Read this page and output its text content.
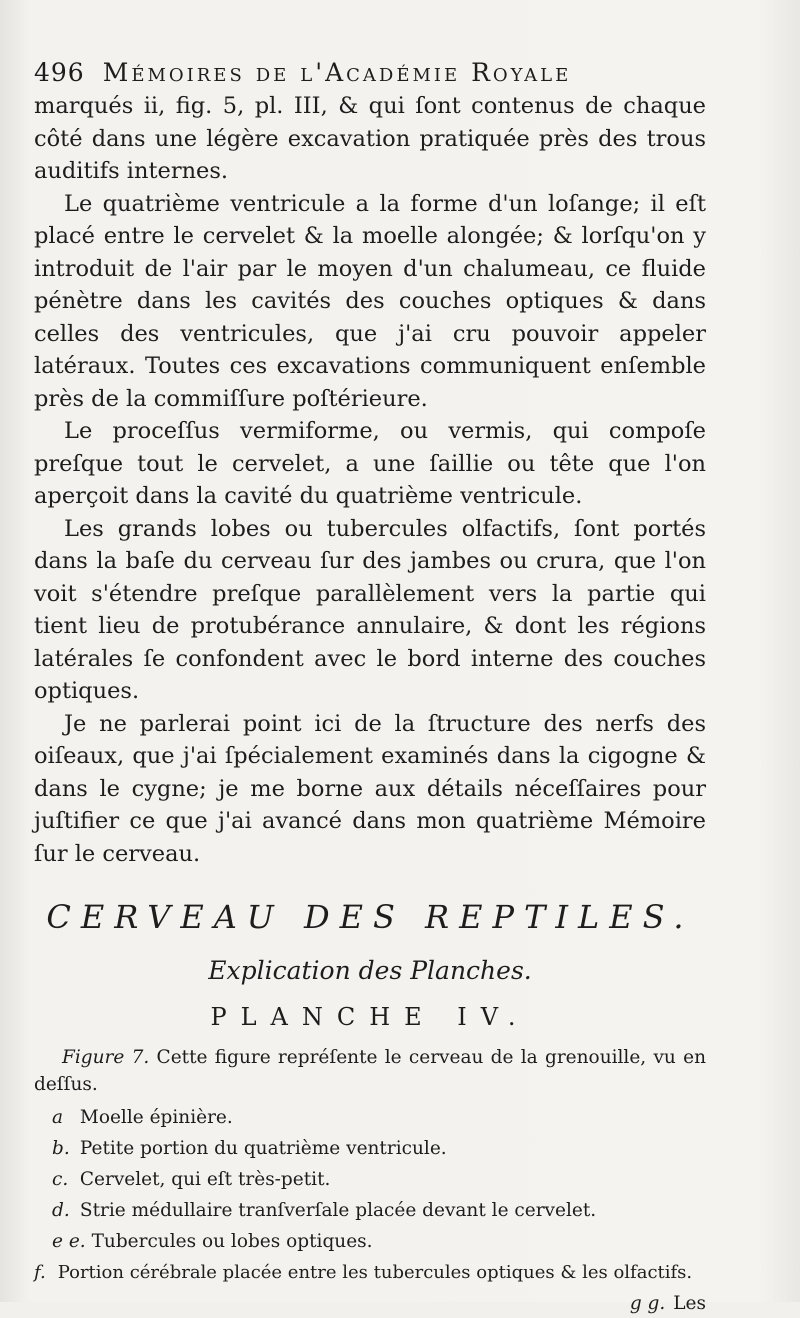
496 Mémoires de l'Académie Royale

marqués ii, fig. 5, pl. III, & qui ſont contenus de chaque côté dans une légère excavation pratiquée près des trous auditifs internes.

Le quatrième ventricule a la forme d'un loſange; il eſt placé entre le cervelet & la moelle alongée; & lorſqu'on y introduit de l'air par le moyen d'un chalumeau, ce fluide pénètre dans les cavités des couches optiques & dans celles des ventricules, que j'ai cru pouvoir appeler latéraux. Toutes ces excavations communiquent enſemble près de la commiſſure poſtérieure.

Le proceſſus vermiforme, ou vermis, qui compoſe preſque tout le cervelet, a une ſaillie ou tête que l'on aperçoit dans la cavité du quatrième ventricule.

Les grands lobes ou tubercules olfactifs, ſont portés dans la baſe du cerveau ſur des jambes ou crura, que l'on voit s'étendre preſque parallèlement vers la partie qui tient lieu de protubérance annulaire, & dont les régions latérales ſe confondent avec le bord interne des couches optiques.

Je ne parlerai point ici de la ſtructure des nerfs des oiſeaux, que j'ai ſpécialement examinés dans la cigogne & dans le cygne; je me borne aux détails néceſſaires pour juſtifier ce que j'ai avancé dans mon quatrième Mémoire ſur le cerveau.

CERVEAU DES REPTILES.
Explication des Planches.
PLANCHE IV.

Figure 7. Cette figure repréſente le cerveau de la grenouille, vu en deſſus.

a Moelle épinière.
b. Petite portion du quatrième ventricule.
c. Cervelet, qui eſt très-petit.
d. Strie médullaire tranſverſale placée devant le cervelet.
e e. Tubercules ou lobes optiques.
f. Portion cérébrale placée entre les tubercules optiques & les olfactifs.
g g. Les
